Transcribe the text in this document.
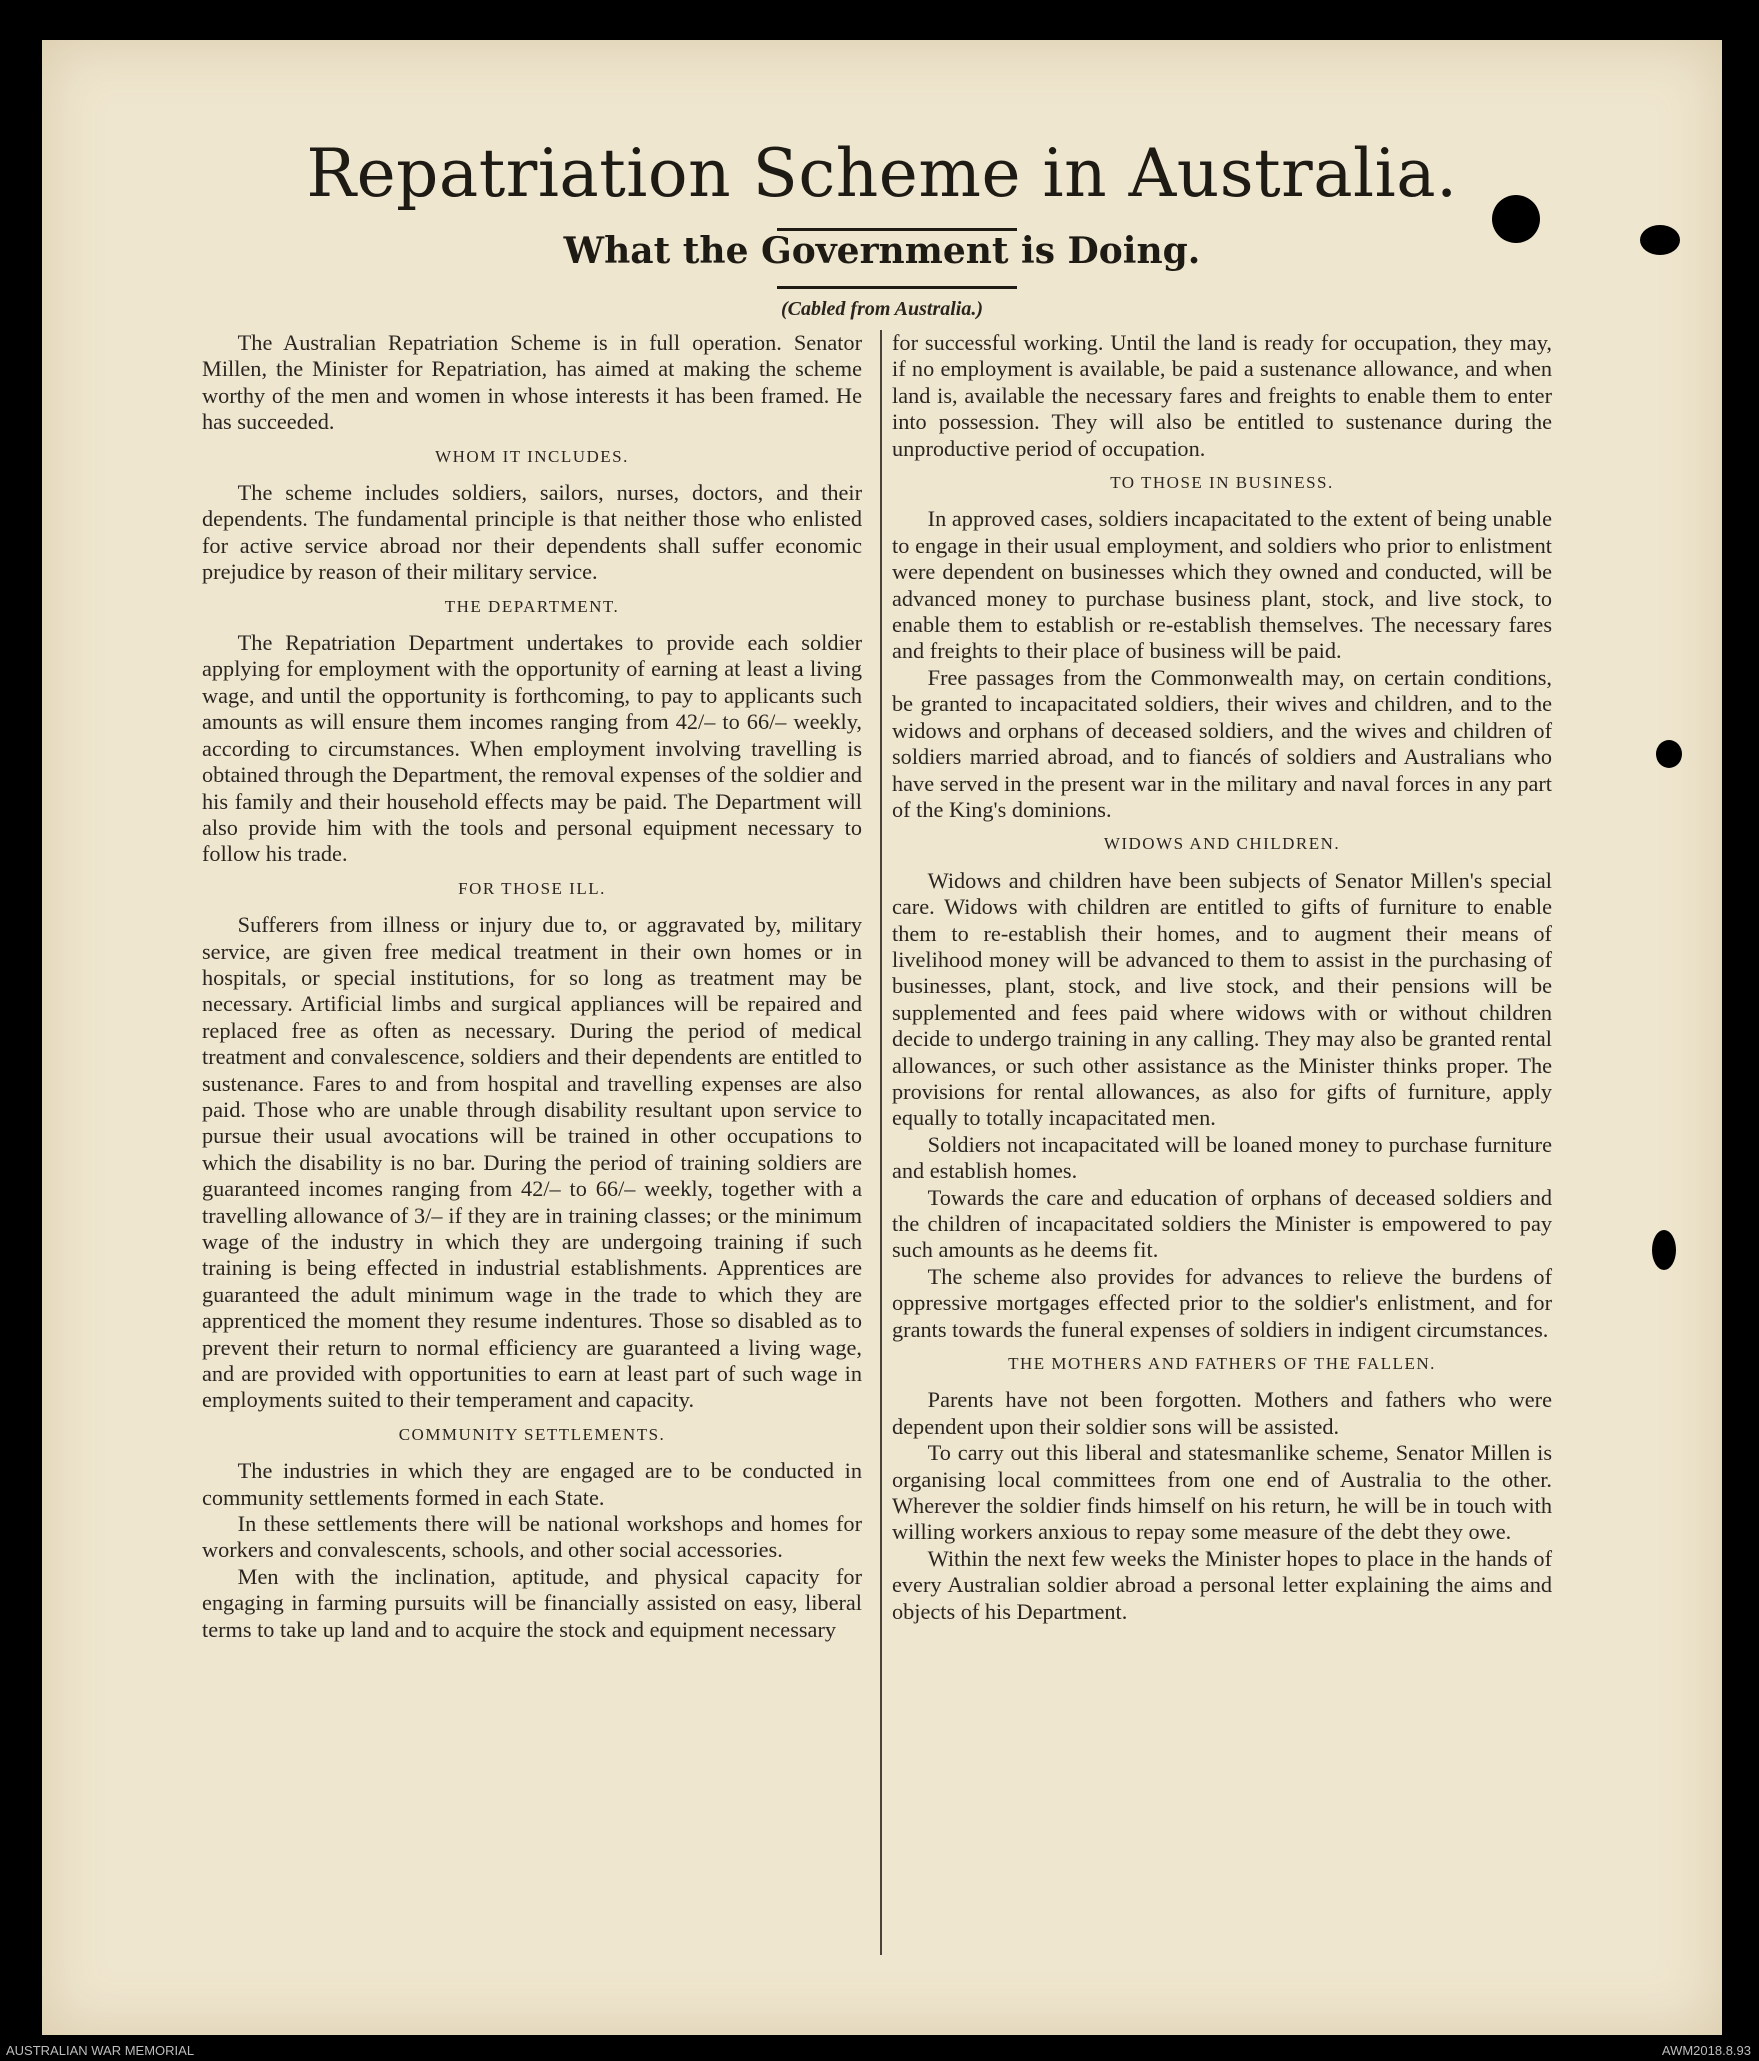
Repatriation Scheme in Australia.
What the Government is Doing.
(Cabled from Australia.)

The Australian Repatriation Scheme is in full operation. Senator Millen, the Minister for Repatriation, has aimed at making the scheme worthy of the men and women in whose interests it has been framed. He has succeeded.

WHOM IT INCLUDES.

The scheme includes soldiers, sailors, nurses, doctors, and their dependents. The fundamental principle is that neither those who enlisted for active service abroad nor their dependents shall suffer economic prejudice by reason of their military service.

THE DEPARTMENT.

The Repatriation Department undertakes to provide each soldier applying for employment with the opportunity of earning at least a living wage, and until the opportunity is forthcoming, to pay to applicants such amounts as will ensure them incomes ranging from 42/– to 66/– weekly, according to circumstances. When employment involving travelling is obtained through the Department, the removal expenses of the soldier and his family and their household effects may be paid. The Department will also provide him with the tools and personal equipment necessary to follow his trade.

FOR THOSE ILL.

Sufferers from illness or injury due to, or aggravated by, military service, are given free medical treatment in their own homes or in hospitals, or special institutions, for so long as treatment may be necessary. Artificial limbs and surgical appliances will be repaired and replaced free as often as necessary. During the period of medical treatment and convalescence, soldiers and their dependents are entitled to sustenance. Fares to and from hospital and travelling expenses are also paid. Those who are unable through disability resultant upon service to pursue their usual avocations will be trained in other occupations to which the disability is no bar. During the period of training soldiers are guaranteed incomes ranging from 42/– to 66/– weekly, together with a travelling allowance of 3/– if they are in training classes; or the minimum wage of the industry in which they are undergoing training if such training is being effected in industrial establishments. Apprentices are guaranteed the adult minimum wage in the trade to which they are apprenticed the moment they resume indentures. Those so disabled as to prevent their return to normal efficiency are guaranteed a living wage, and are provided with opportunities to earn at least part of such wage in employments suited to their temperament and capacity.

COMMUNITY SETTLEMENTS.

The industries in which they are engaged are to be conducted in community settlements formed in each State.

In these settlements there will be national workshops and homes for workers and convalescents, schools, and other social accessories.

Men with the inclination, aptitude, and physical capacity for engaging in farming pursuits will be financially assisted on easy, liberal terms to take up land and to acquire the stock and equipment necessary

for successful working. Until the land is ready for occupation, they may, if no employment is available, be paid a sustenance allowance, and when land is, available the necessary fares and freights to enable them to enter into possession. They will also be entitled to sustenance during the unproductive period of occupation.

TO THOSE IN BUSINESS.

In approved cases, soldiers incapacitated to the extent of being unable to engage in their usual employment, and soldiers who prior to enlistment were dependent on businesses which they owned and conducted, will be advanced money to purchase business plant, stock, and live stock, to enable them to establish or re-establish themselves. The necessary fares and freights to their place of business will be paid.

Free passages from the Commonwealth may, on certain conditions, be granted to incapacitated soldiers, their wives and children, and to the widows and orphans of deceased soldiers, and the wives and children of soldiers married abroad, and to fiancés of soldiers and Australians who have served in the present war in the military and naval forces in any part of the King's dominions.

WIDOWS AND CHILDREN.

Widows and children have been subjects of Senator Millen's special care. Widows with children are entitled to gifts of furniture to enable them to re-establish their homes, and to augment their means of livelihood money will be advanced to them to assist in the purchasing of businesses, plant, stock, and live stock, and their pensions will be supplemented and fees paid where widows with or without children decide to undergo training in any calling. They may also be granted rental allowances, or such other assistance as the Minister thinks proper. The provisions for rental allowances, as also for gifts of furniture, apply equally to totally incapacitated men.

Soldiers not incapacitated will be loaned money to purchase furniture and establish homes.

Towards the care and education of orphans of deceased soldiers and the children of incapacitated soldiers the Minister is empowered to pay such amounts as he deems fit.

The scheme also provides for advances to relieve the burdens of oppressive mortgages effected prior to the soldier's enlistment, and for grants towards the funeral expenses of soldiers in indigent circumstances.

THE MOTHERS AND FATHERS OF THE FALLEN.

Parents have not been forgotten. Mothers and fathers who were dependent upon their soldier sons will be assisted.

To carry out this liberal and statesmanlike scheme, Senator Millen is organising local committees from one end of Australia to the other. Wherever the soldier finds himself on his return, he will be in touch with willing workers anxious to repay some measure of the debt they owe.

Within the next few weeks the Minister hopes to place in the hands of every Australian soldier abroad a personal letter explaining the aims and objects of his Department.

AUSTRALIAN WAR MEMORIAL	AWM2018.8.93
